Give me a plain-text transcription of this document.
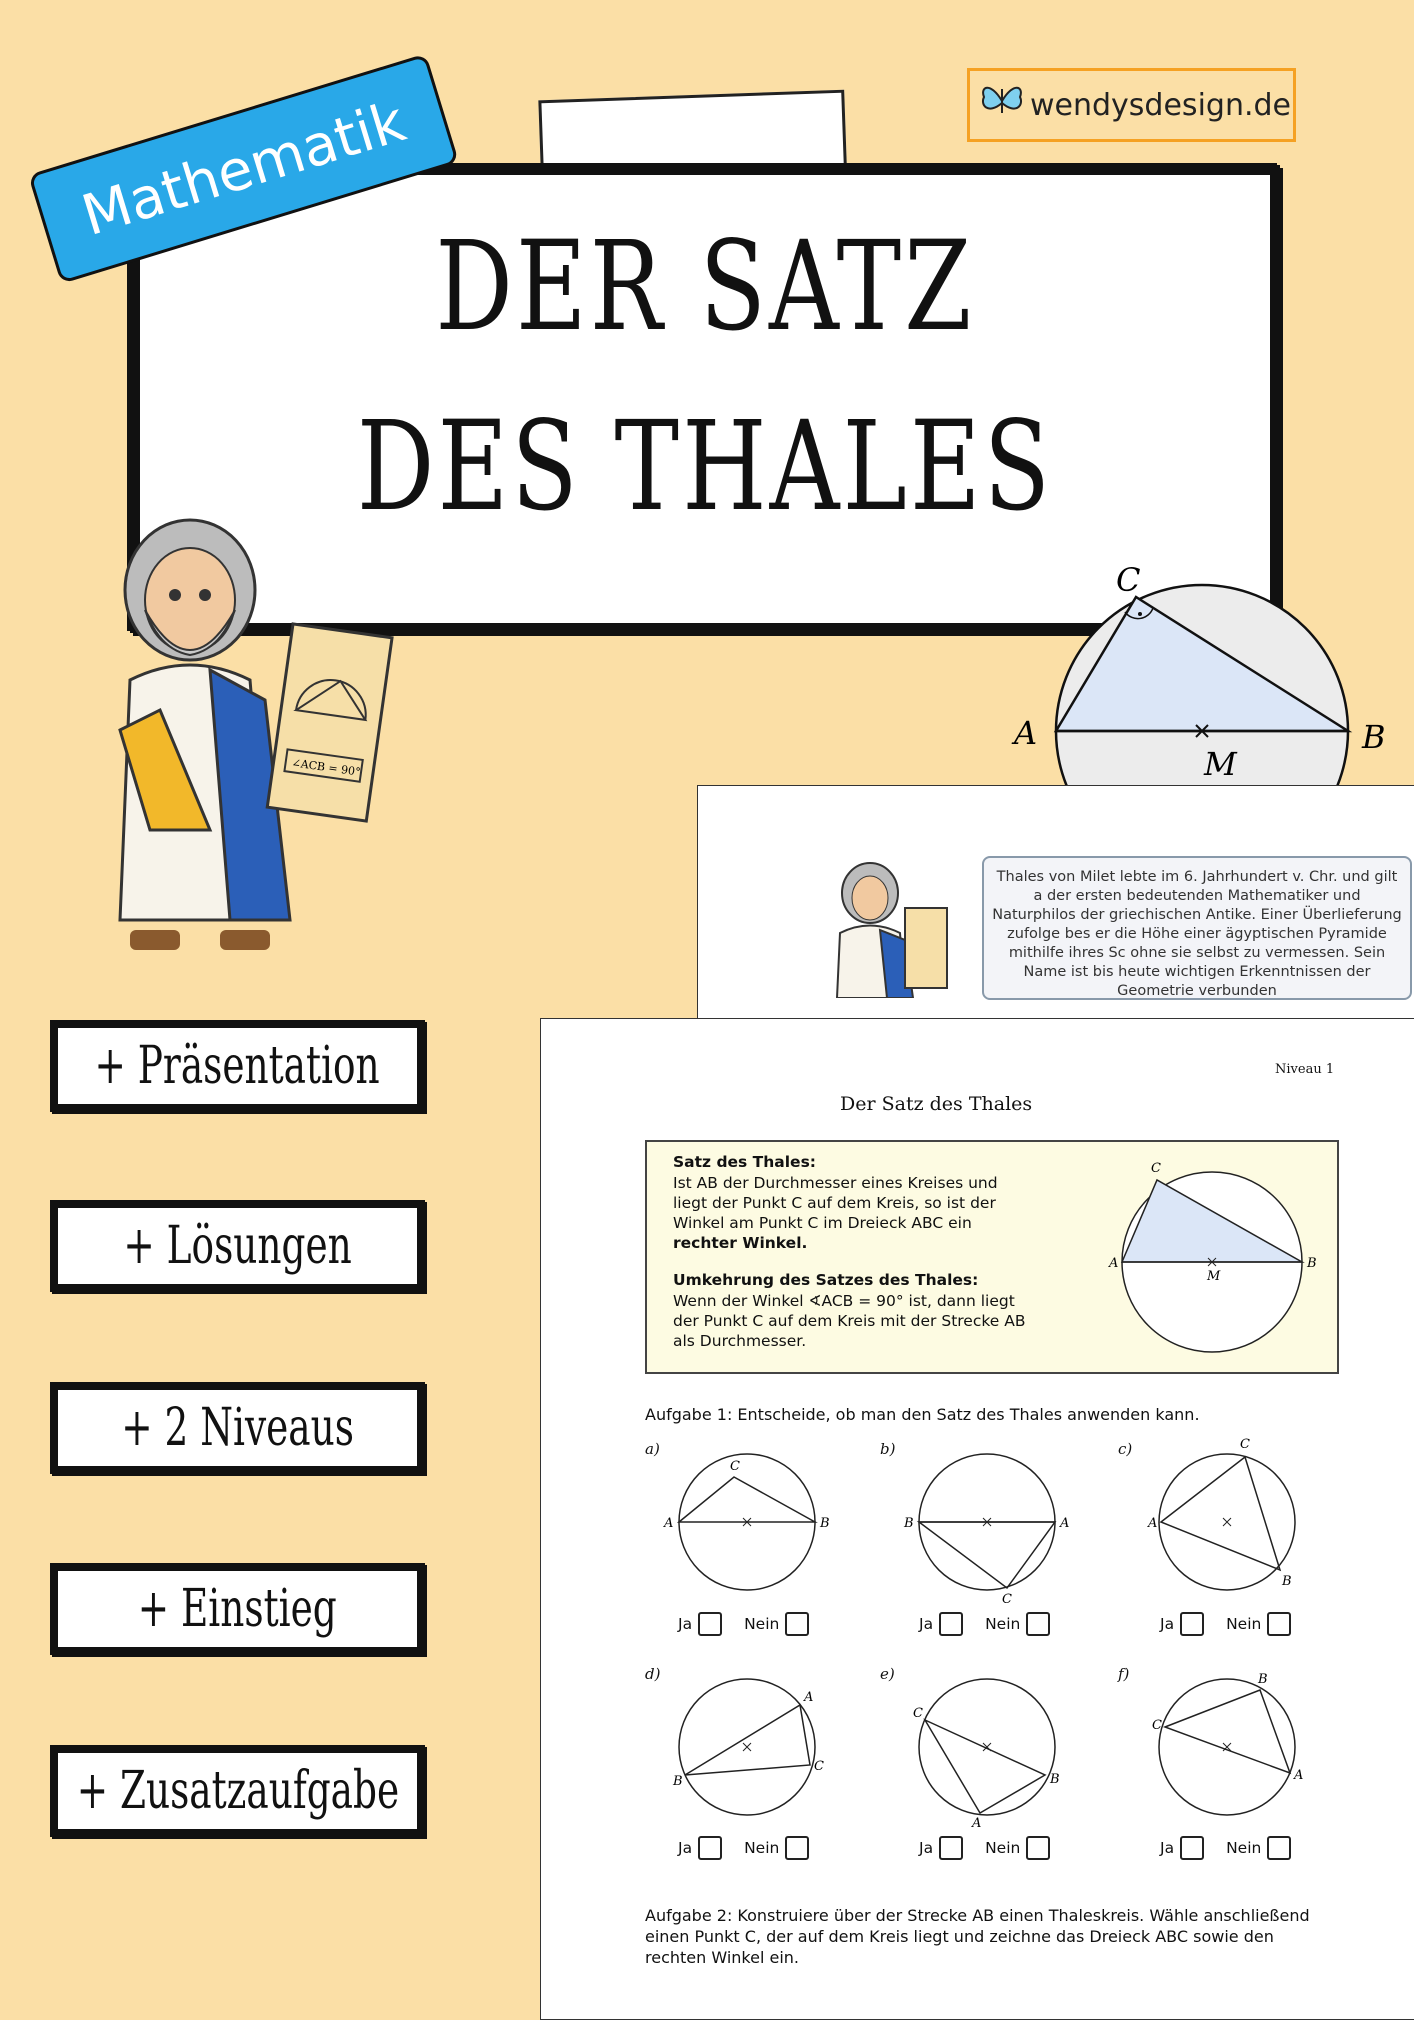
DER SATZ
DES THALES
Mathematik	wendysdesign.de
∠ACB = 90°
A	B
C
M
+ Präsentation
+ Lösungen
+ 2 Niveaus
+ Einstieg
+ Zusatzaufgabe
Thales von Milet lebte im 6. Jahrhundert v. Chr. und gilt a der ersten bedeutenden Mathematiker und Naturphilos der griechischen Antike. Einer Überlieferung zufolge bes er die Höhe einer ägyptischen Pyramide mithilfe ihres Sc ohne sie selbst zu vermessen. Sein Name ist bis heute wichtigen Erkenntnissen der Geometrie verbunden
Niveau 1
Der Satz des Thales
Satz des Thales:
Ist AB der Durchmesser eines Kreises und
liegt der Punkt C auf dem Kreis, so ist der
Winkel am Punkt C im Dreieck ABC ein
rechter Winkel.
Umkehrung des Satzes des Thales:
Wenn der Winkel ∢ACB = 90° ist, dann liegt
der Punkt C auf dem Kreis mit der Strecke AB
als Durchmesser.
A	B
C
M
Aufgabe 1: Entscheide, ob man den Satz des Thales anwenden kann.
A	B
C
B	A
C
A
C
B
B
A
C
C
A
B
C
B
A
a)	b)	c)
d)	e)	f)
Ja	Nein	Ja	Nein	Ja	Nein
Ja	Nein	Ja	Nein	Ja	Nein
Aufgabe 2: Konstruiere über der Strecke AB einen Thaleskreis. Wähle anschließend einen Punkt C, der auf dem Kreis liegt und zeichne das Dreieck ABC sowie den rechten Winkel ein.
